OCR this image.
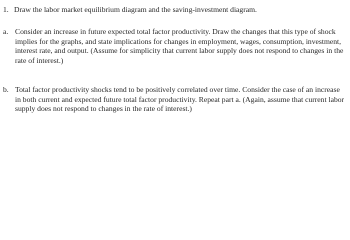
1. Draw the labor market equilibrium diagram and the saving-investment diagram.
a. Consider an increase in future expected total factor productivity. Draw the changes that this type of shock implies for the graphs, and state implications for changes in employment, wages, consumption, investment, interest rate, and output. (Assume for simplicity that current labor supply does not respond to changes in the rate of interest.)
b. Total factor productivity shocks tend to be positively correlated over time. Consider the case of an increase in both current and expected future total factor productivity. Repeat part a. (Again, assume that current labor supply does not respond to changes in the rate of interest.)
